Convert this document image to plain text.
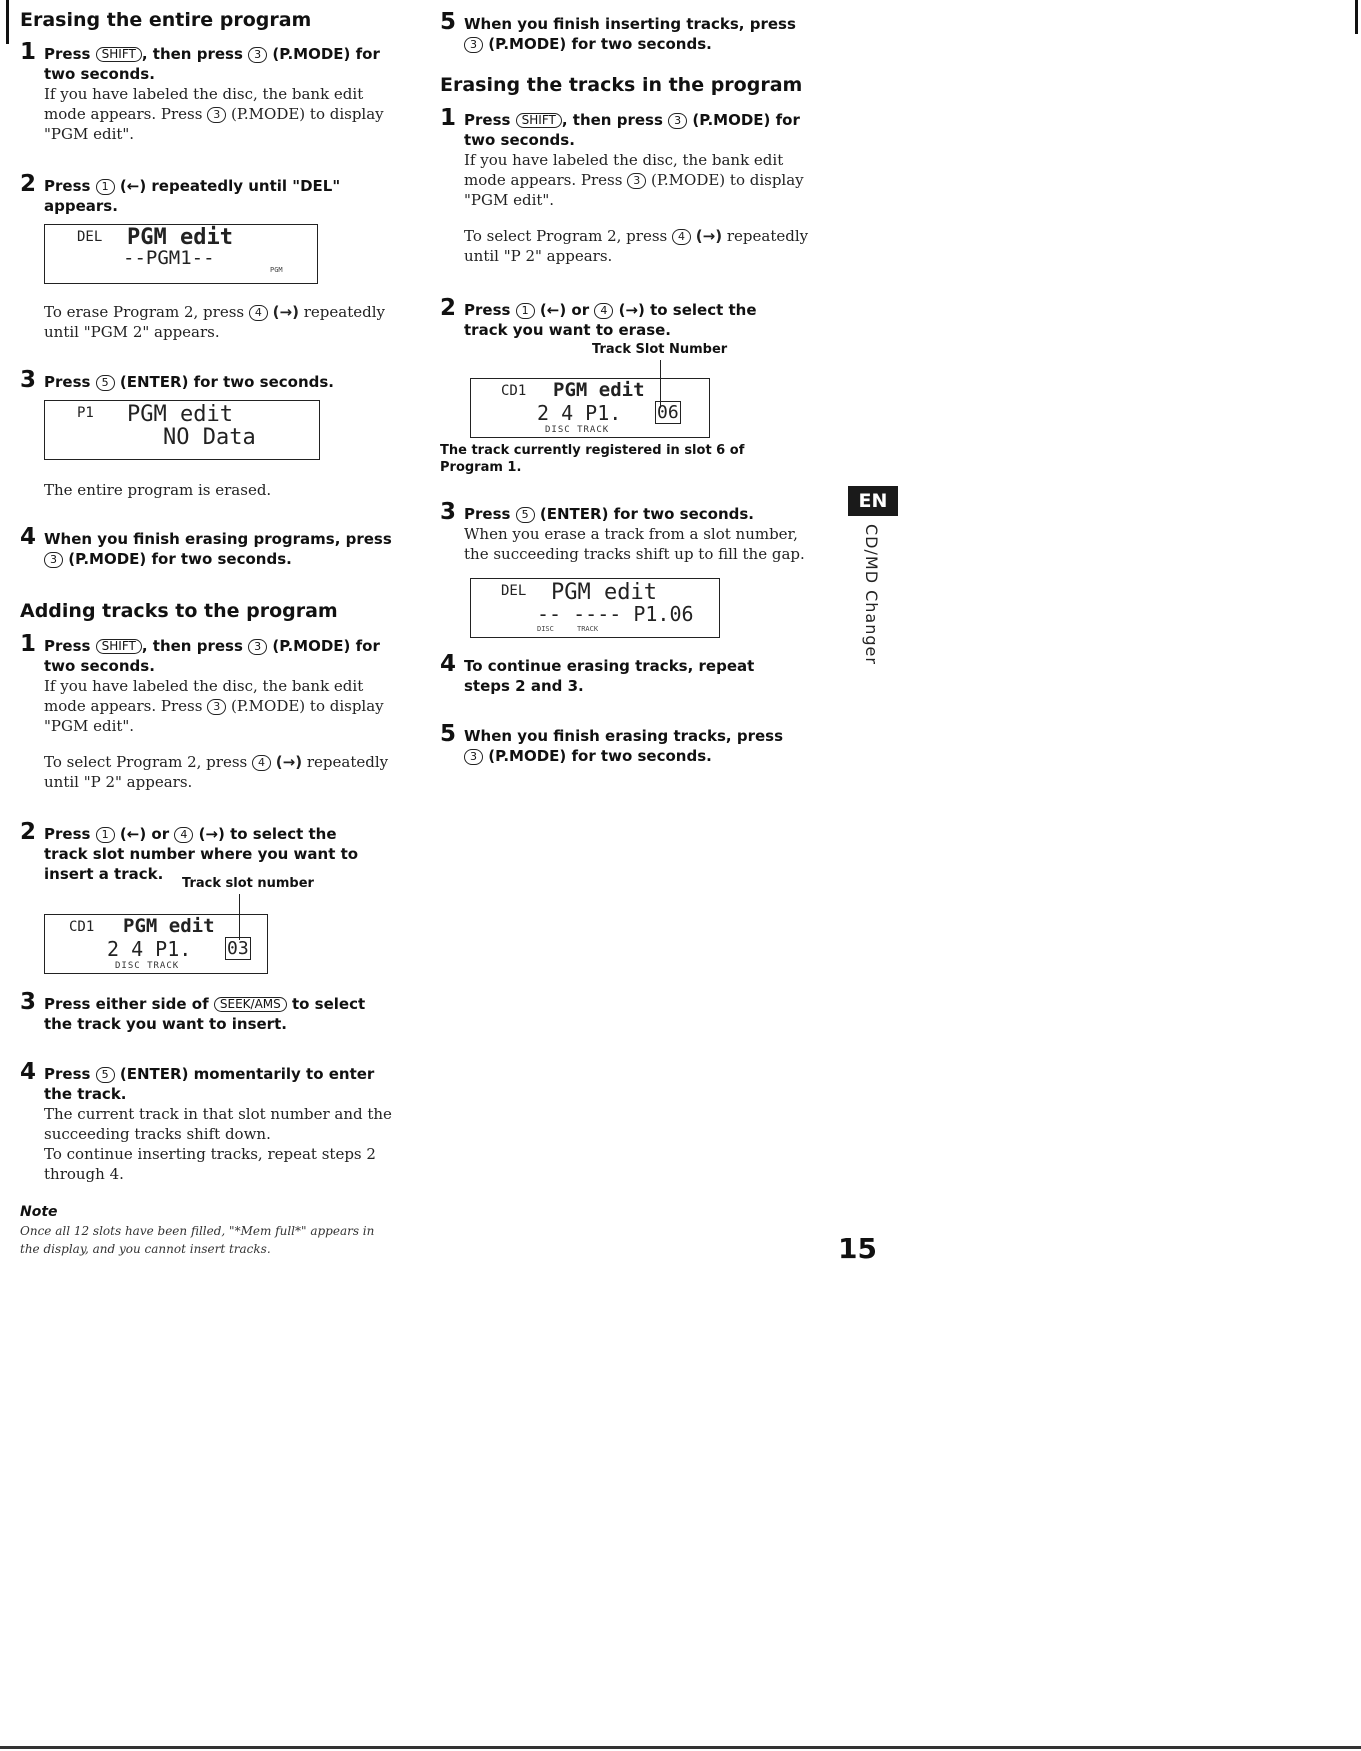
Erasing the entire program
1 Press SHIFT , then press 3 (P.MODE) for two seconds.
If you have labeled the disc, the bank edit mode appears. Press 3 (P.MODE) to display "PGM edit".
2 Press 1 (←) repeatedly until "DEL" appears.
DEL PGM edit
--PGM1--
PGM
To erase Program 2, press 4 (→) repeatedly until "PGM 2" appears.
3 Press 5 (ENTER) for two seconds.
P1 PGM edit
NO Data
The entire program is erased.
4 When you finish erasing programs, press 3 (P.MODE) for two seconds.
Adding tracks to the program
1 Press SHIFT , then press 3 (P.MODE) for two seconds.
If you have labeled the disc, the bank edit mode appears. Press 3 (P.MODE) to display "PGM edit".
To select Program 2, press 4 (→) repeatedly until "P 2" appears.
2 Press 1 (←) or 4 (→) to select the track slot number where you want to insert a track.
Track slot number
CD1 PGM edit
2 4 P1. 03
DISC TRACK
3 Press either side of SEEK/AMS to select the track you want to insert.
4 Press 5 (ENTER) momentarily to enter the track.
The current track in that slot number and the succeeding tracks shift down.
To continue inserting tracks, repeat steps 2 through 4.
Note
Once all 12 slots have been filled, "*Mem full*" appears in the display, and you cannot insert tracks.
5 When you finish inserting tracks, press 3 (P.MODE) for two seconds.
Erasing the tracks in the program
1 Press SHIFT , then press 3 (P.MODE) for two seconds.
If you have labeled the disc, the bank edit mode appears. Press 3 (P.MODE) to display "PGM edit".
To select Program 2, press 4 (→) repeatedly until "P 2" appears.
2 Press 1 (←) or 4 (→) to select the track you want to erase.
Track Slot Number
CD1 PGM edit
2 4 P1. 06
DISC TRACK
The track currently registered in slot 6 of Program 1.
3 Press 5 (ENTER) for two seconds.
When you erase a track from a slot number, the succeeding tracks shift up to fill the gap.
DEL PGM edit
-- ---- P1.06
DISC	TRACK
4 To continue erasing tracks, repeat steps 2 and 3.
5 When you finish erasing tracks, press 3 (P.MODE) for two seconds.
EN
CD/MD Changer
15
